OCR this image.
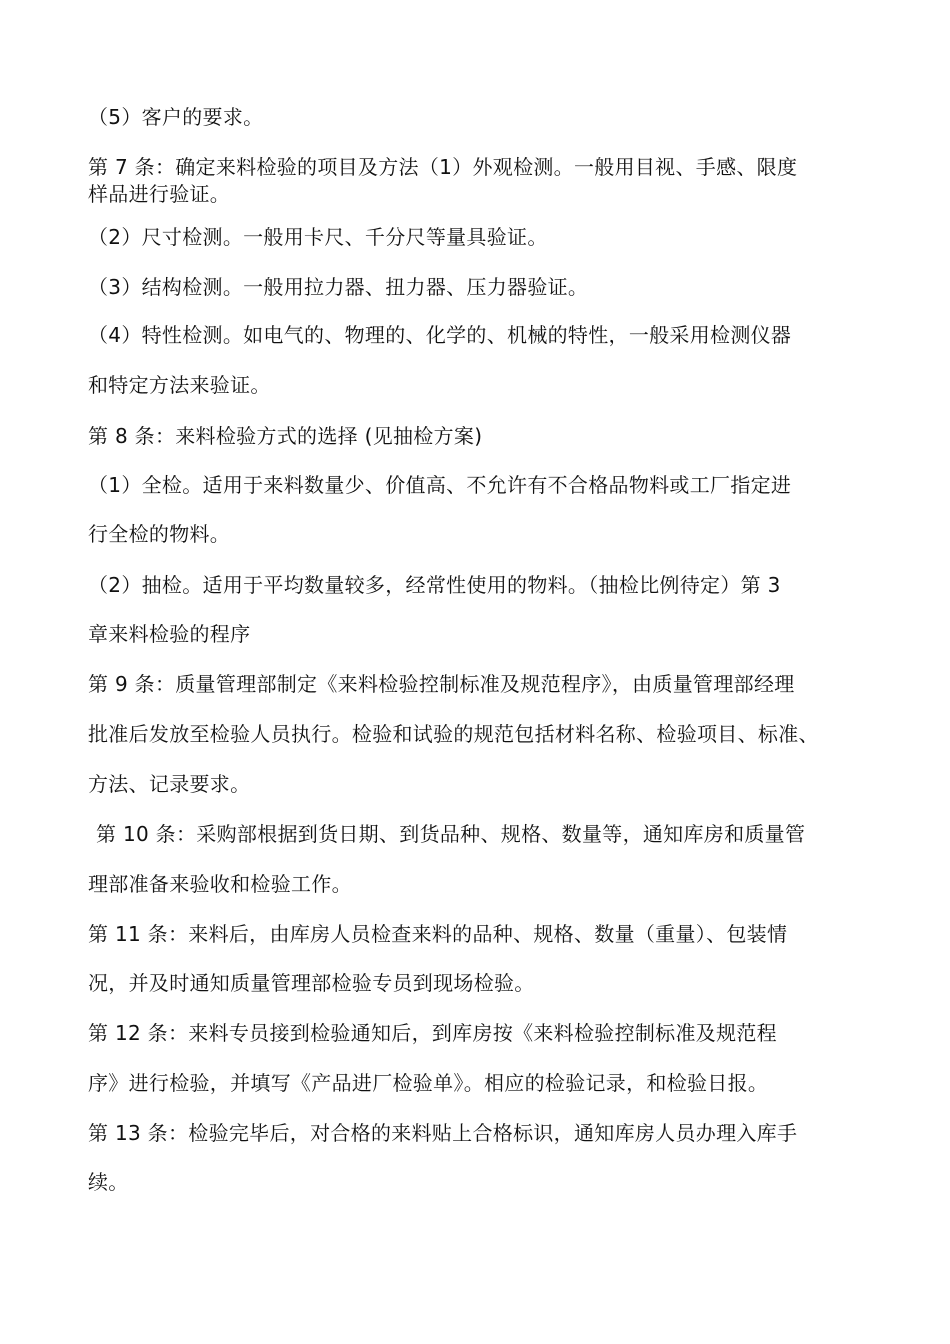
（5）客户的要求。
第 7 条：确定来料检验的项目及方法（1）外观检测。一般用目视、手感、限度
样品进行验证。
（2）尺寸检测。一般用卡尺、千分尺等量具验证。
（3）结构检测。一般用拉力器、扭力器、压力器验证。
（4）特性检测。如电气的、物理的、化学的、机械的特性，一般采用检测仪器
和特定方法来验证。
第 8 条：来料检验方式的选择 (见抽检方案)
（1）全检。适用于来料数量少、价值高、不允许有不合格品物料或工厂指定进
行全检的物料。
（2）抽检。适用于平均数量较多，经常性使用的物料。（抽检比例待定）第 3
章来料检验的程序
第 9 条：质量管理部制定《来料检验控制标准及规范程序》，由质量管理部经理
批准后发放至检验人员执行。检验和试验的规范包括材料名称、检验项目、标准、
方法、记录要求。
第 10 条：采购部根据到货日期、到货品种、规格、数量等，通知库房和质量管
理部准备来验收和检验工作。
第 11 条：来料后，由库房人员检查来料的品种、规格、数量（重量）、包装情
况，并及时通知质量管理部检验专员到现场检验。
第 12 条：来料专员接到检验通知后，到库房按《来料检验控制标准及规范程
序》进行检验，并填写《产品进厂检验单》。相应的检验记录，和检验日报。
第 13 条：检验完毕后，对合格的来料贴上合格标识，通知库房人员办理入库手
续。
